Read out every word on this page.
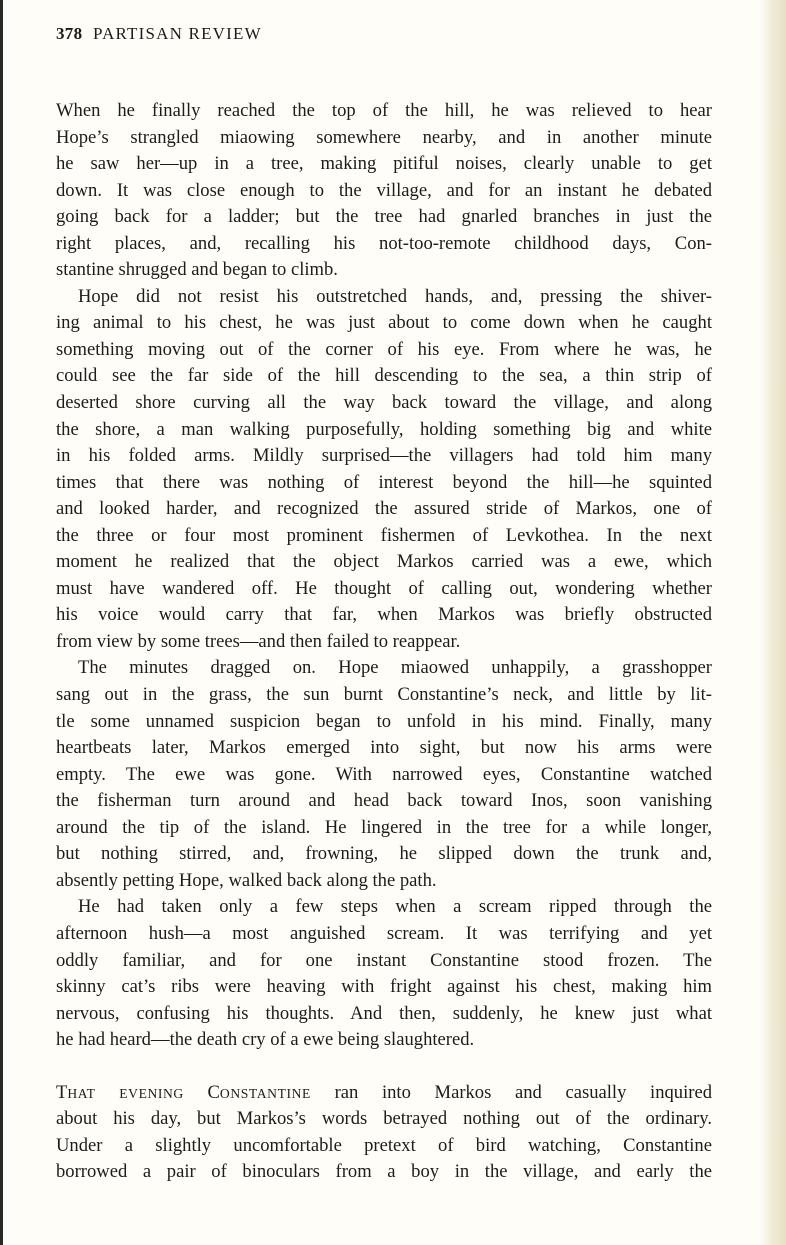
378 PARTISAN REVIEW
When he finally reached the top of the hill, he was relieved to hear
Hope’s strangled miaowing somewhere nearby, and in another minute
he saw her—up in a tree, making pitiful noises, clearly unable to get
down. It was close enough to the village, and for an instant he debated
going back for a ladder; but the tree had gnarled branches in just the
right places, and, recalling his not-too-remote childhood days, Con-
stantine shrugged and began to climb.
Hope did not resist his outstretched hands, and, pressing the shiver-
ing animal to his chest, he was just about to come down when he caught
something moving out of the corner of his eye. From where he was, he
could see the far side of the hill descending to the sea, a thin strip of
deserted shore curving all the way back toward the village, and along
the shore, a man walking purposefully, holding something big and white
in his folded arms. Mildly surprised—the villagers had told him many
times that there was nothing of interest beyond the hill—he squinted
and looked harder, and recognized the assured stride of Markos, one of
the three or four most prominent fishermen of Levkothea. In the next
moment he realized that the object Markos carried was a ewe, which
must have wandered off. He thought of calling out, wondering whether
his voice would carry that far, when Markos was briefly obstructed
from view by some trees—and then failed to reappear.
The minutes dragged on. Hope miaowed unhappily, a grasshopper
sang out in the grass, the sun burnt Constantine’s neck, and little by lit-
tle some unnamed suspicion began to unfold in his mind. Finally, many
heartbeats later, Markos emerged into sight, but now his arms were
empty. The ewe was gone. With narrowed eyes, Constantine watched
the fisherman turn around and head back toward Inos, soon vanishing
around the tip of the island. He lingered in the tree for a while longer,
but nothing stirred, and, frowning, he slipped down the trunk and,
absently petting Hope, walked back along the path.
He had taken only a few steps when a scream ripped through the
afternoon hush—a most anguished scream. It was terrifying and yet
oddly familiar, and for one instant Constantine stood frozen. The
skinny cat’s ribs were heaving with fright against his chest, making him
nervous, confusing his thoughts. And then, suddenly, he knew just what
he had heard—the death cry of a ewe being slaughtered.
THAT EVENING CONSTANTINE ran into Markos and casually inquired
about his day, but Markos’s words betrayed nothing out of the ordinary.
Under a slightly uncomfortable pretext of bird watching, Constantine
borrowed a pair of binoculars from a boy in the village, and early the
